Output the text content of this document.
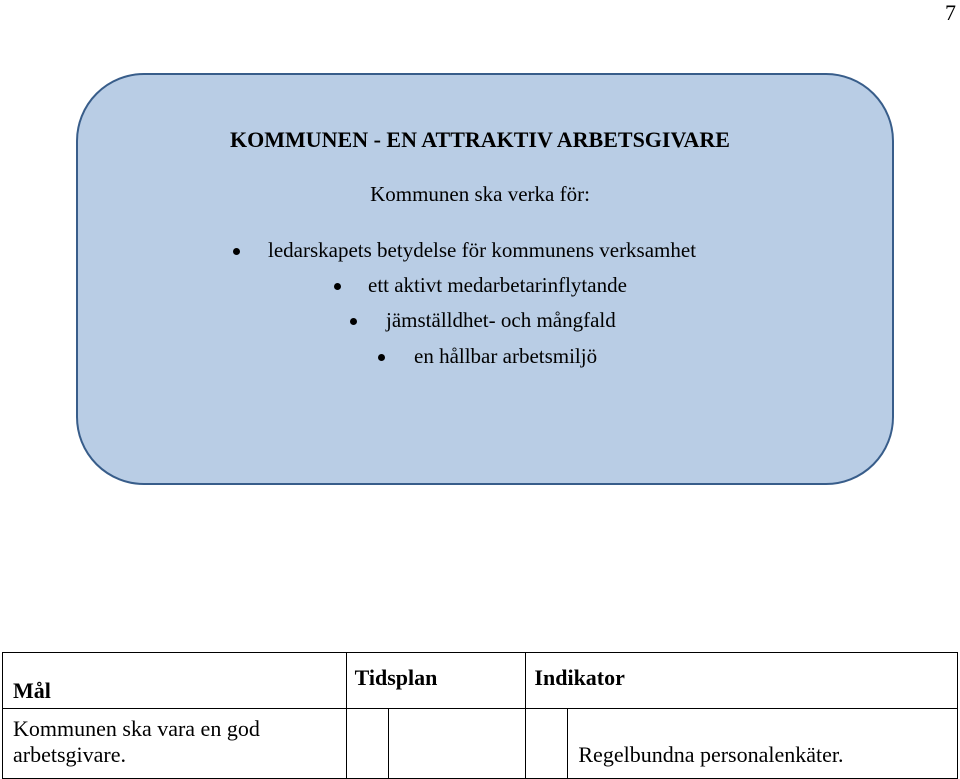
7
KOMMUNEN - EN ATTRAKTIV ARBETSGIVARE
Kommunen ska verka för:
ledarskapets betydelse för kommunens verksamhet
ett aktivt medarbetarinflytande
jämställdhet- och mångfald
en hållbar arbetsmiljö
Mål	Tidsplan		Indikator	

Kommunen ska vara en god
arbetsgivare.				Regelbundna personalenkäter.
